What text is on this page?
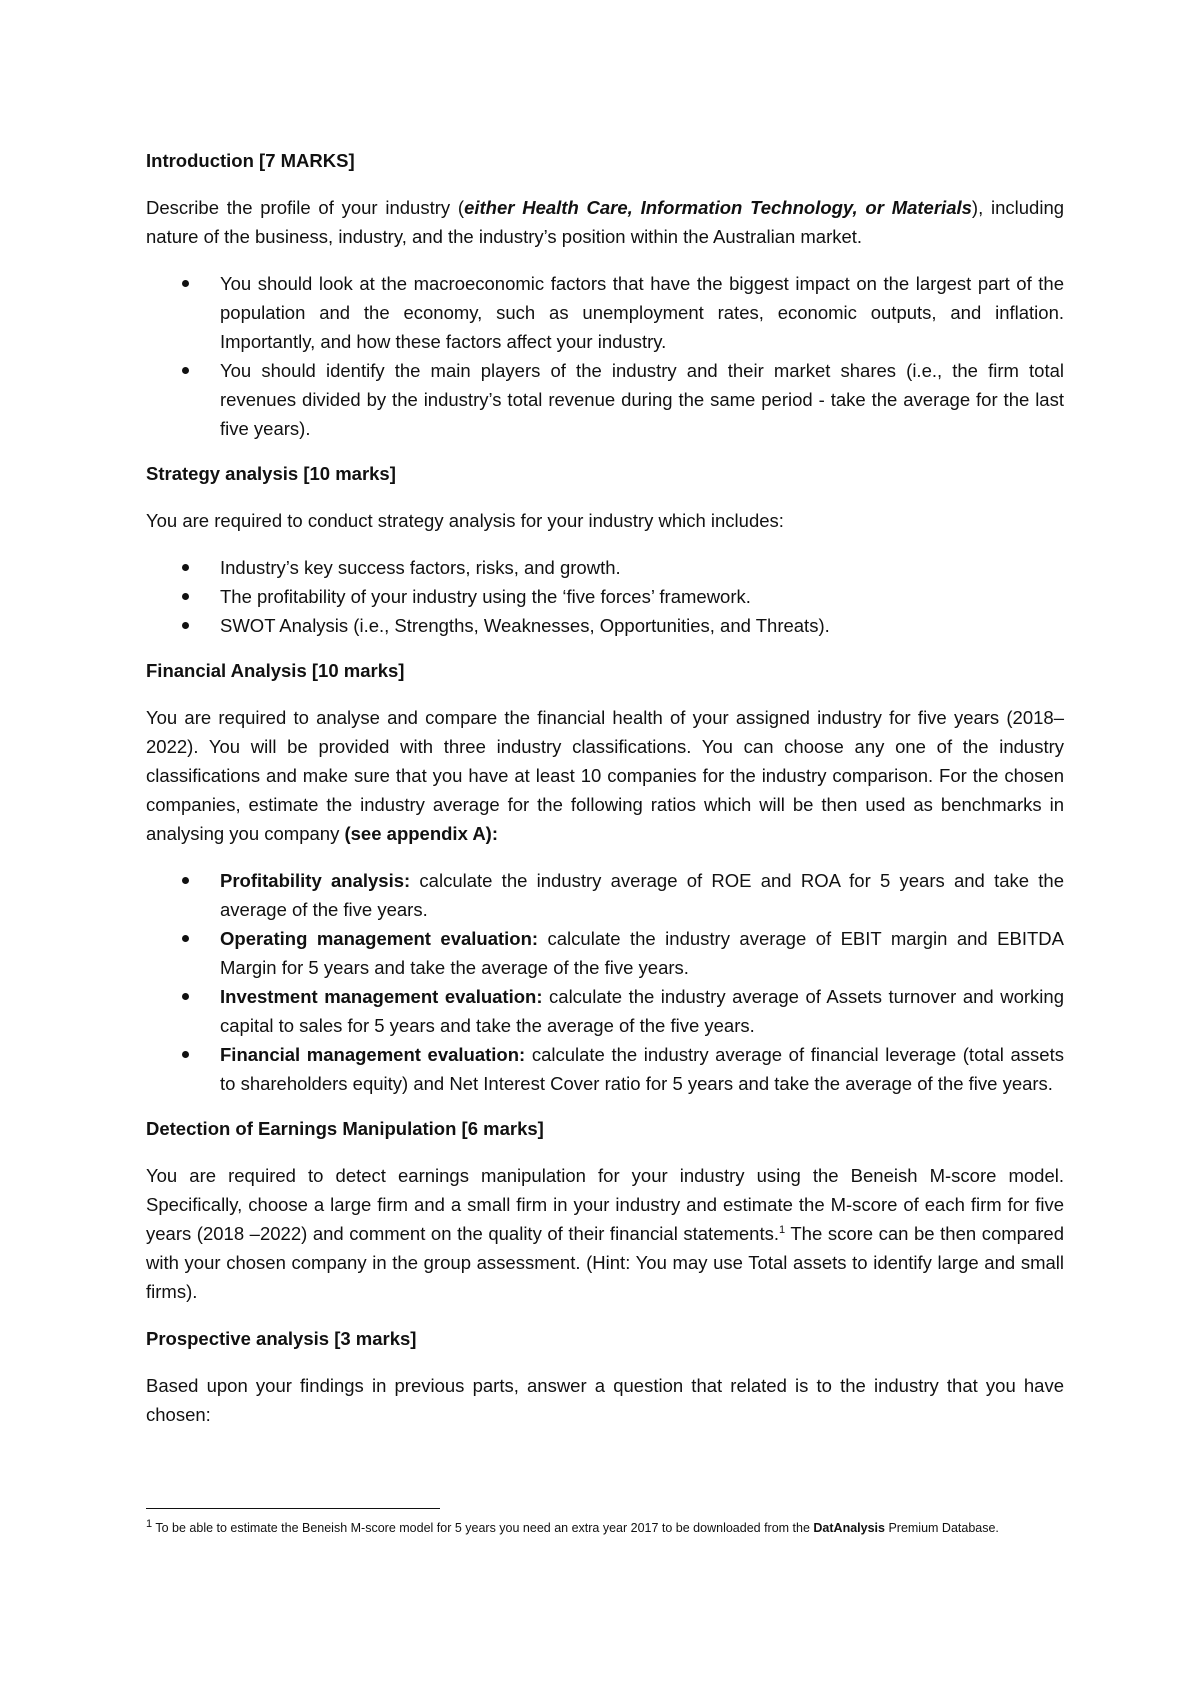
Introduction [7 MARKS]

Describe the profile of your industry (either Health Care, Information Technology, or Materials), including nature of the business, industry, and the industry’s position within the Australian market.

You should look at the macroeconomic factors that have the biggest impact on the largest part of the population and the economy, such as unemployment rates, economic outputs, and inflation. Importantly, and how these factors affect your industry.
You should identify the main players of the industry and their market shares (i.e., the firm total revenues divided by the industry’s total revenue during the same period - take the average for the last five years).
Strategy analysis [10 marks]

You are required to conduct strategy analysis for your industry which includes:

Industry’s key success factors, risks, and growth.
The profitability of your industry using the ‘five forces’ framework.
SWOT Analysis (i.e., Strengths, Weaknesses, Opportunities, and Threats).
Financial Analysis [10 marks]

You are required to analyse and compare the financial health of your assigned industry for five years (2018–2022). You will be provided with three industry classifications. You can choose any one of the industry classifications and make sure that you have at least 10 companies for the industry comparison. For the chosen companies, estimate the industry average for the following ratios which will be then used as benchmarks in analysing you company (see appendix A):

Profitability analysis: calculate the industry average of ROE and ROA for 5 years and take the average of the five years.
Operating management evaluation: calculate the industry average of EBIT margin and EBITDA Margin for 5 years and take the average of the five years.
Investment management evaluation: calculate the industry average of Assets turnover and working capital to sales for 5 years and take the average of the five years.
Financial management evaluation: calculate the industry average of financial leverage (total assets to shareholders equity) and Net Interest Cover ratio for 5 years and take the average of the five years.
Detection of Earnings Manipulation [6 marks]

You are required to detect earnings manipulation for your industry using the Beneish M-score model. Specifically, choose a large firm and a small firm in your industry and estimate the M-score of each firm for five years (2018 –2022) and comment on the quality of their financial statements.$^1$ The score can be then compared with your chosen company in the group assessment. (Hint: You may use Total assets to identify large and small firms).

Prospective analysis [3 marks]

Based upon your findings in previous parts, answer a question that related is to the industry that you have chosen:

$^1$ To be able to estimate the Beneish M-score model for 5 years you need an extra year 2017 to be downloaded from the DatAnalysis Premium Database.
